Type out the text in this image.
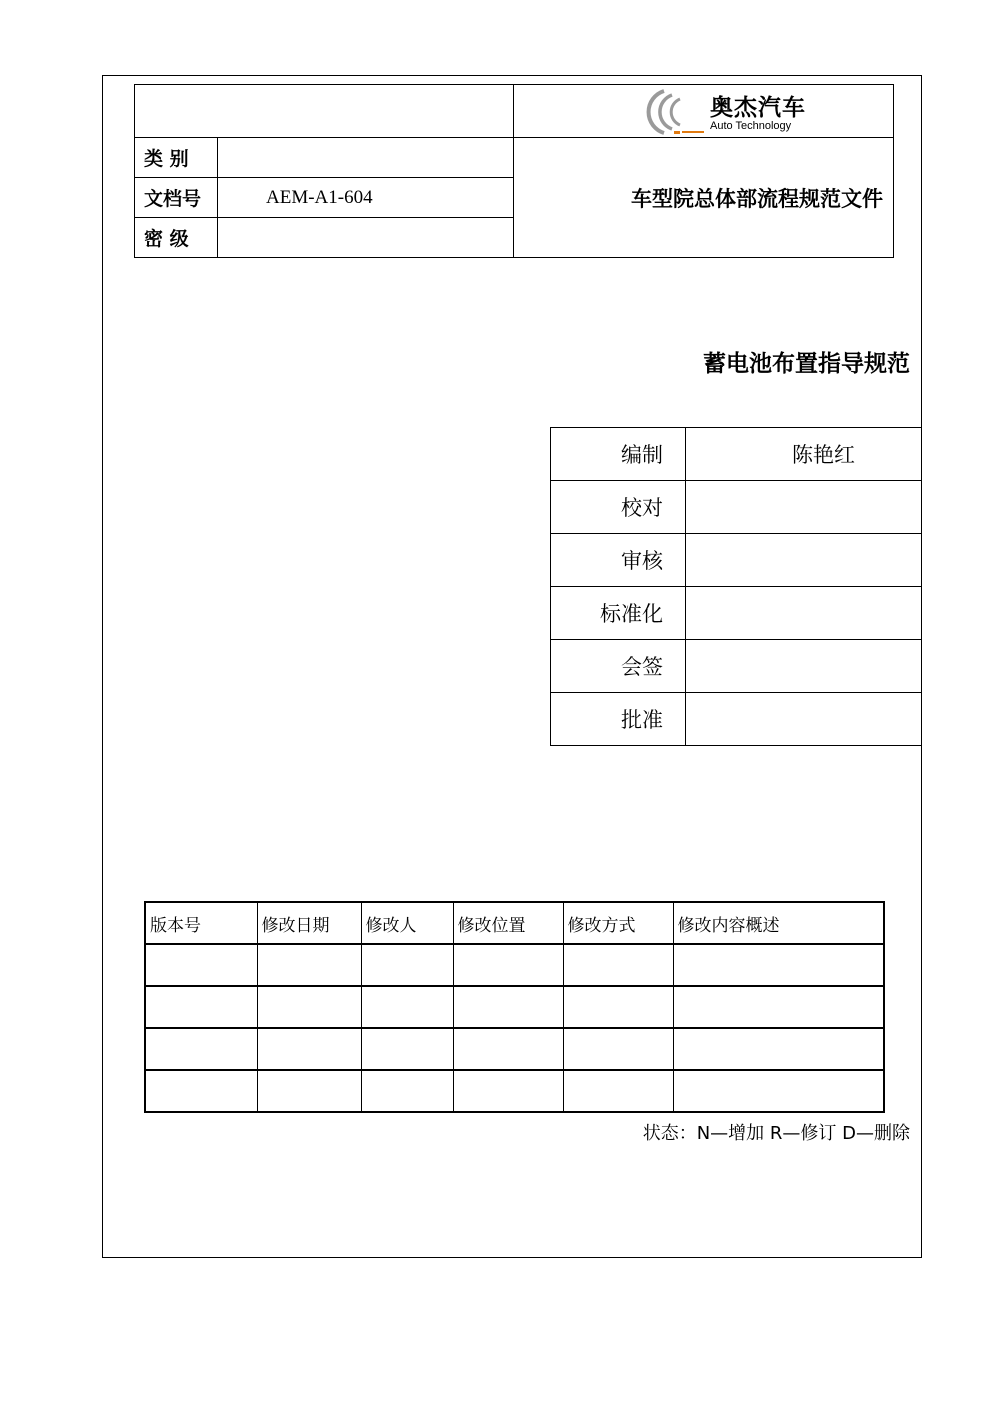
		奥杰汽车
Auto Technology

类 别		车型院总体部流程规范文件
文档号	AEM-A1-604	
密 级		
蓄电池布置指导规范
编制	陈艳红
校对	
审核	
标准化	
会签	
批准	
版本号	修改日期	修改人	修改位置	修改方式	修改内容概述

状态：N—增加 R—修订 D—删除
